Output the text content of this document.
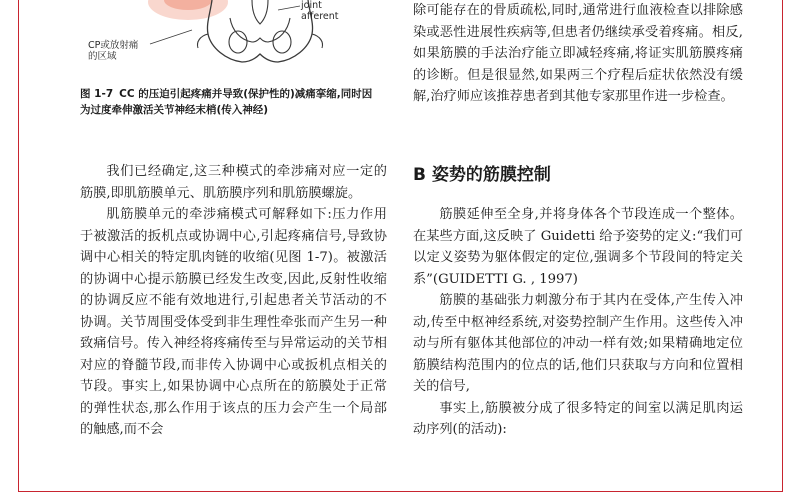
joint
afferent
CP或放射痛
的区域
图 1-7 CC 的压迫引起疼痛并导致(保护性的)减痛挛缩,同时因为过度牵伸激活关节神经末梢(传入神经)

我们已经确定,这三种模式的牵涉痛对应一定的筋膜,即肌筋膜单元、肌筋膜序列和肌筋膜螺旋。

肌筋膜单元的牵涉痛模式可解释如下:压力作用于被激活的扳机点或协调中心,引起疼痛信号,导致协调中心相关的特定肌肉链的收缩(见图 1-7)。被激活的协调中心提示筋膜已经发生改变,因此,反射性收缩的协调反应不能有效地进行,引起患者关节活动的不协调。关节周围受体受到非生理性牵张而产生另一种致痛信号。传入神经将疼痛传至与异常运动的关节相对应的脊髓节段,而非传入协调中心或扳机点相关的节段。事实上,如果协调中心点所在的筋膜处于正常的弹性状态,那么作用于该点的压力会产生一个局部的触感,而不会

除可能存在的骨质疏松,同时,通常进行血液检查以排除感染或恶性进展性疾病等,但患者仍继续承受着疼痛。相反,如果筋膜的手法治疗能立即减轻疼痛,将证实肌筋膜疼痛的诊断。但是很显然,如果两三个疗程后症状依然没有缓解,治疗师应该推荐患者到其他专家那里作进一步检查。

B 姿势的筋膜控制

筋膜延伸至全身,并将身体各个节段连成一个整体。在某些方面,这反映了 Guidetti 给予姿势的定义:“我们可以定义姿势为躯体假定的定位,强调多个节段间的特定关系”(GUIDETTI G. , 1997)

筋膜的基础张力刺激分布于其内在受体,产生传入冲动,传至中枢神经系统,对姿势控制产生作用。这些传入冲动与所有躯体其他部位的冲动一样有效;如果精确地定位筋膜结构范围内的位点的话,他们只获取与方向和位置相关的信号,

事实上,筋膜被分成了很多特定的间室以满足肌肉运动序列(的活动):
